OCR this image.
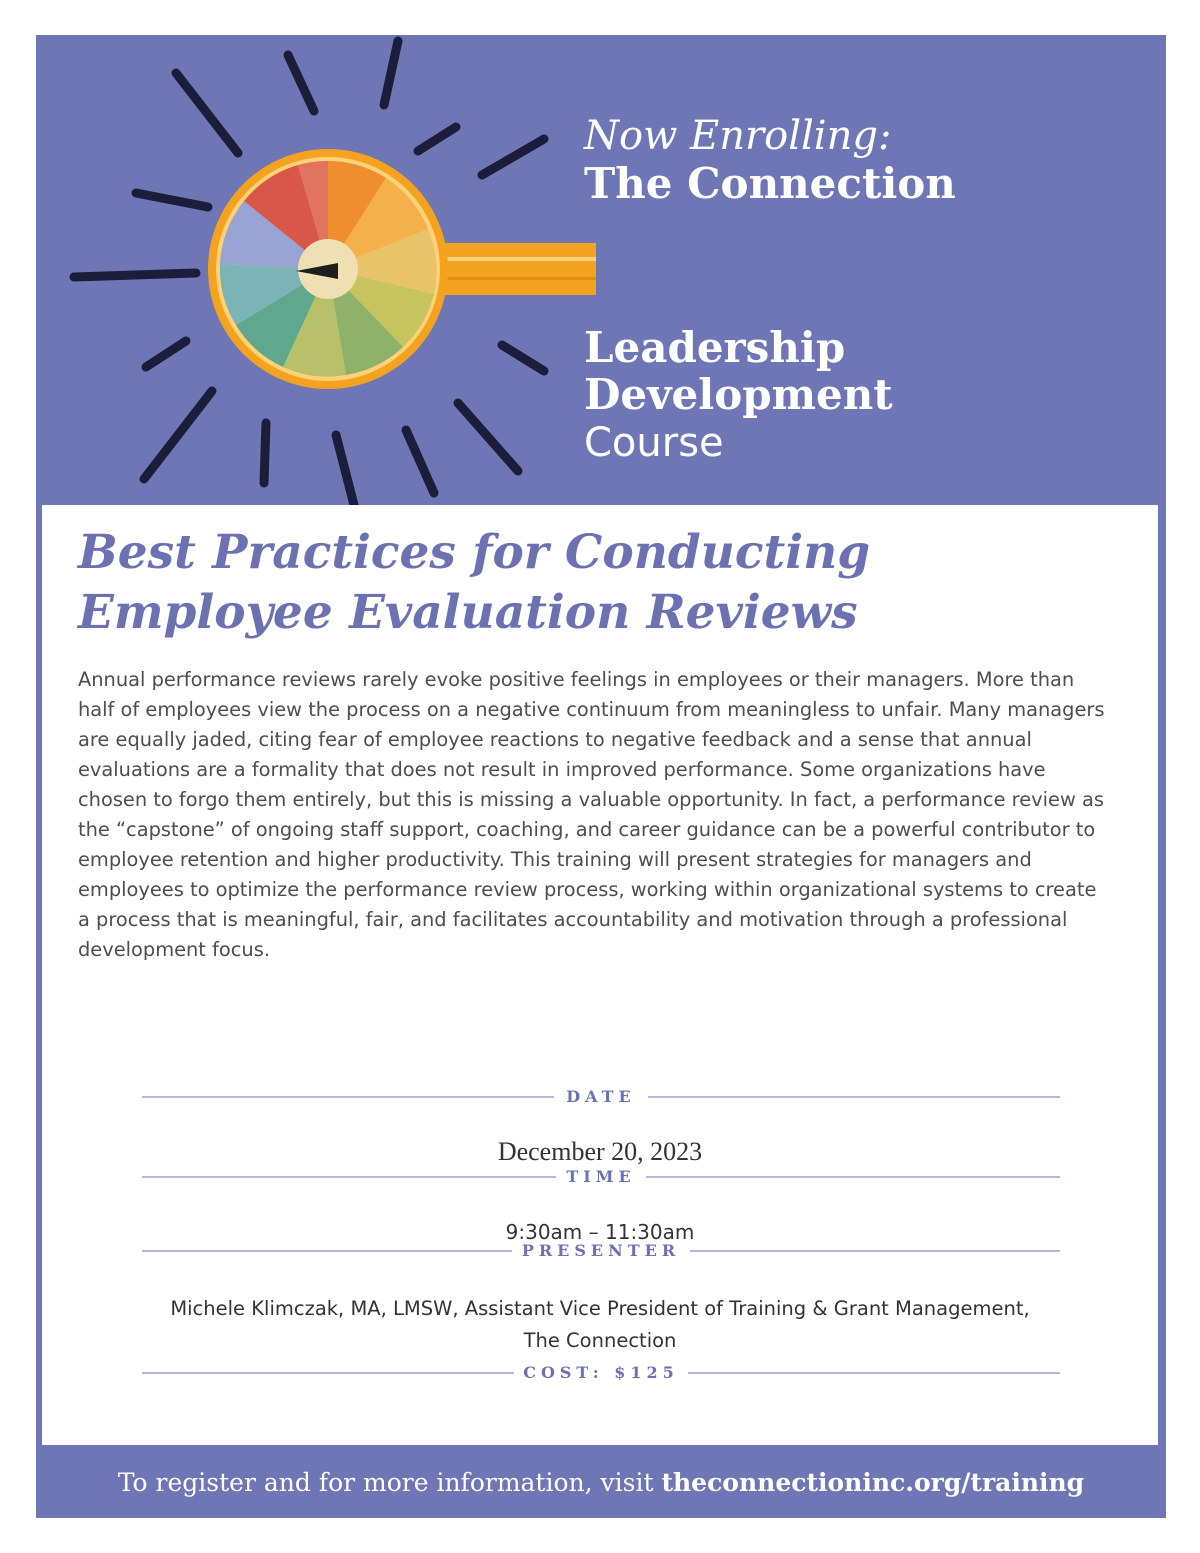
Now Enrolling:
The Connection
Leadership
Development
Course
Best Practices for Conducting
Employee Evaluation Reviews
Annual performance reviews rarely evoke positive feelings in employees or their managers. More than half of employees view the process on a negative continuum from meaningless to unfair. Many managers are equally jaded, citing fear of employee reactions to negative feedback and a sense that annual evaluations are a formality that does not result in improved performance. Some organizations have chosen to forgo them entirely, but this is missing a valuable opportunity. In fact, a performance review as the “capstone” of ongoing staff support, coaching, and career guidance can be a powerful contributor to employee retention and higher productivity. This training will present strategies for managers and employees to optimize the performance review process, working within organizational systems to create a process that is meaningful, fair, and facilitates accountability and motivation through a professional development focus.
DATE
December 20, 2023
TIME
9:30am – 11:30am
PRESENTER
Michele Klimczak, MA, LMSW, Assistant Vice President of Training & Grant Management,
The Connection
COST: $125
To register and for more information, visit theconnectioninc.org/training
